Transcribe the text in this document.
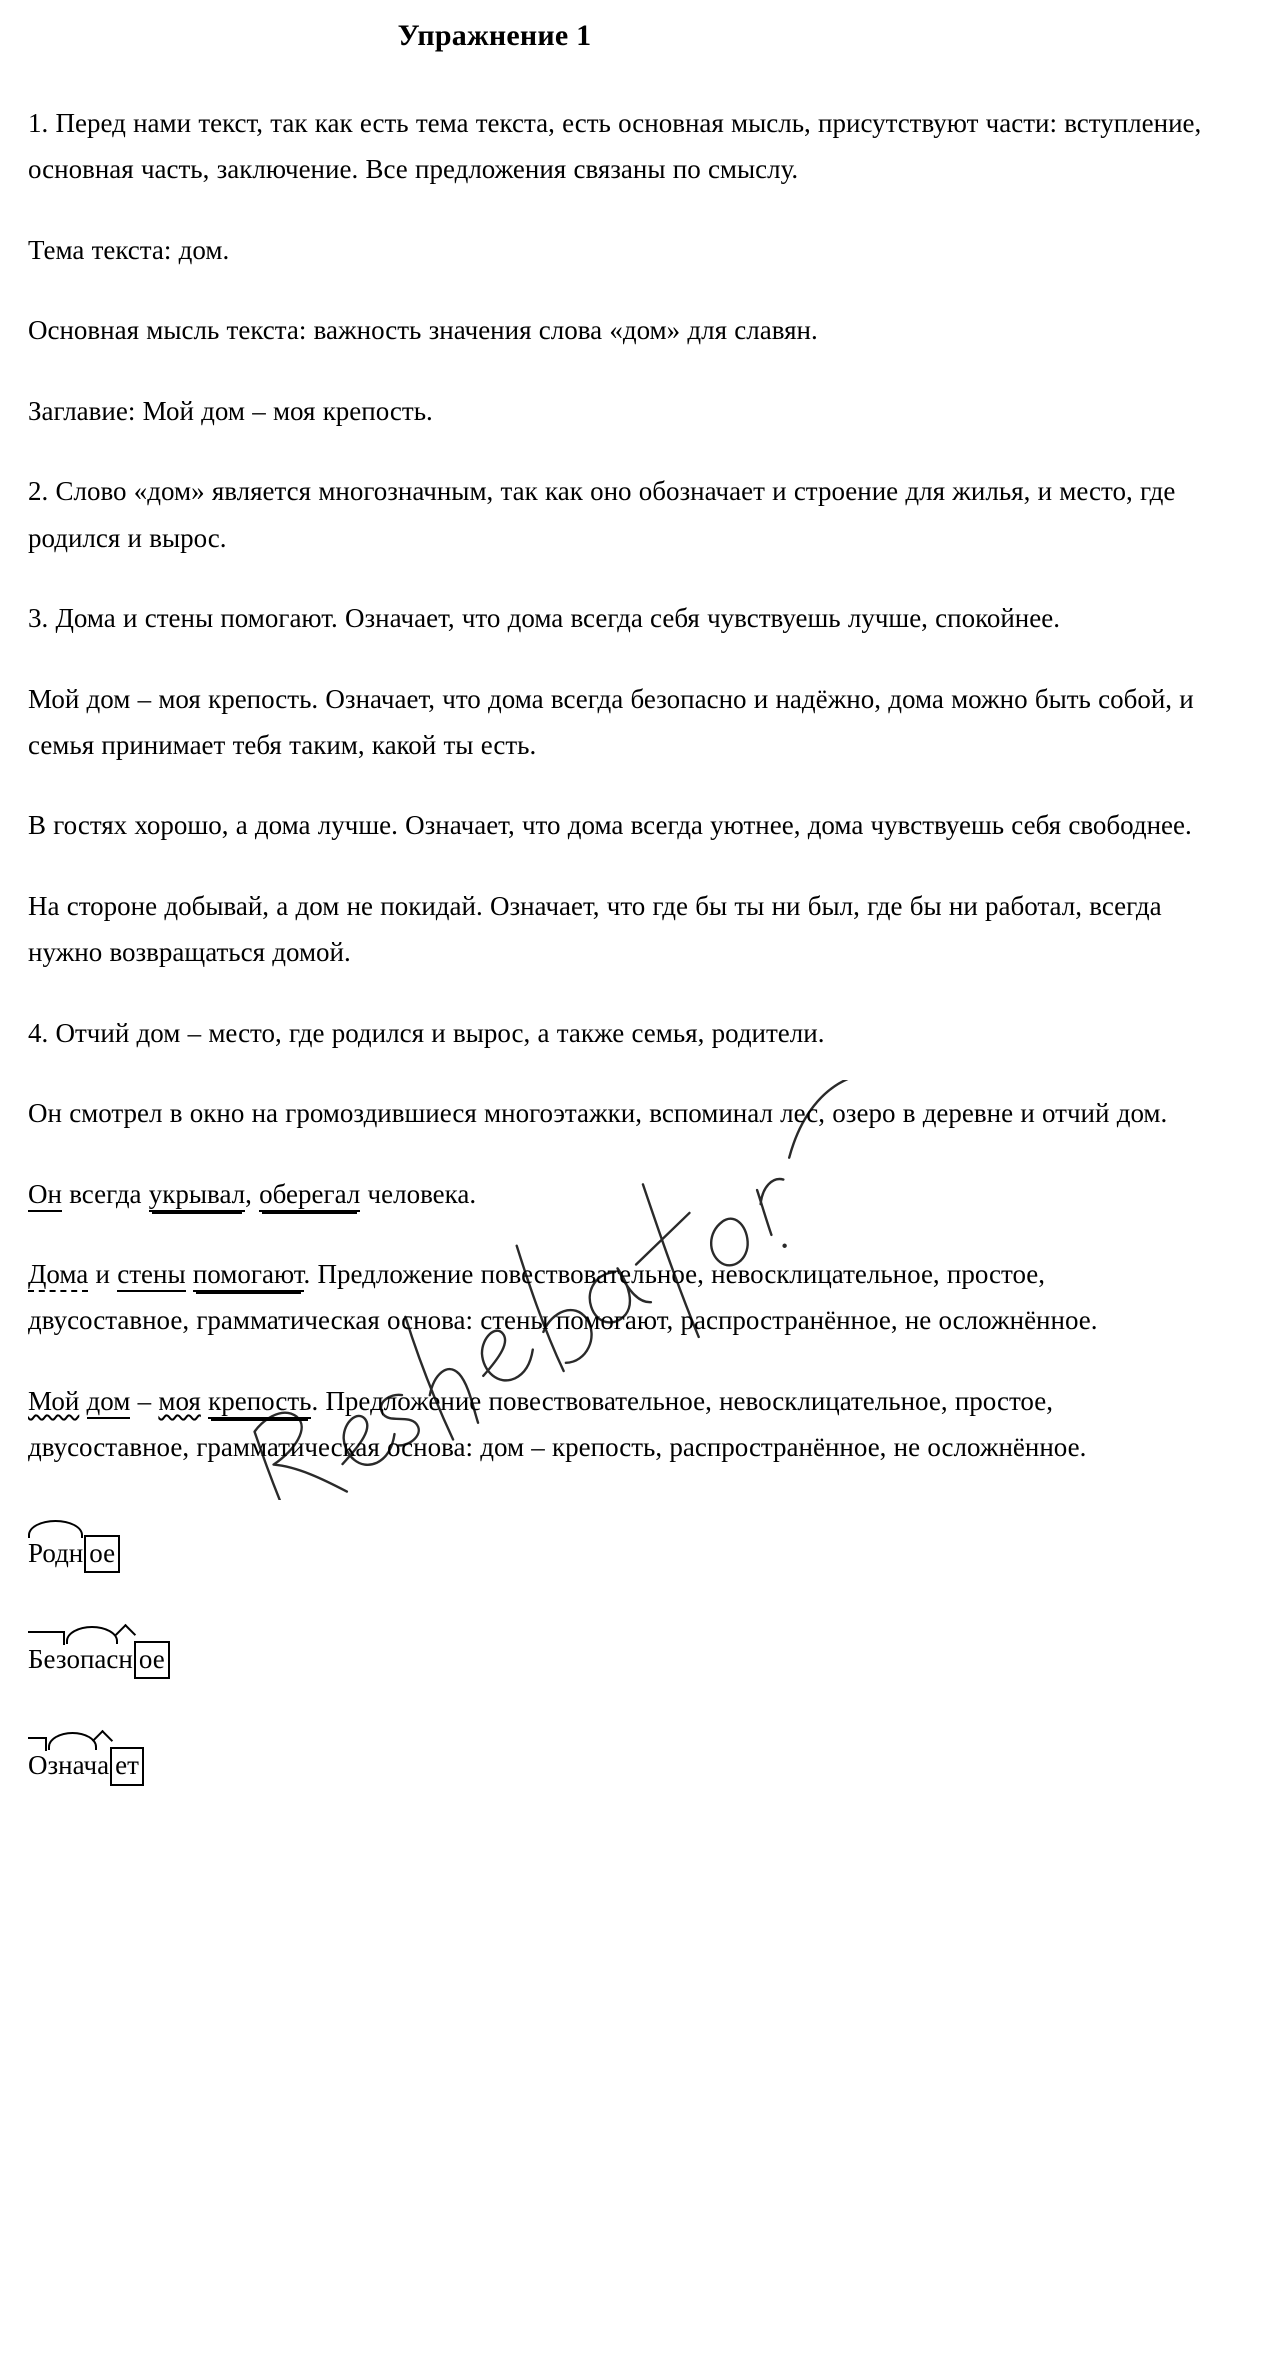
Упражнение 1

1. Перед нами текст, так как есть тема текста, есть основная мысль, присутствуют части: вступление, основная часть, заключение. Все предложения связаны по смыслу.

Тема текста: дом.

Основная мысль текста: важность значения слова «дом» для славян.

Заглавие: Мой дом – моя крепость.

2. Слово «дом» является многозначным, так как оно обозначает и строение для жилья, и место, где родился и вырос.

3. Дома и стены помогают. Означает, что дома всегда себя чувствуешь лучше, спокойнее.

Мой дом – моя крепость. Означает, что дома всегда безопасно и надёжно, дома можно быть собой, и семья принимает тебя таким, какой ты есть.

В гостях хорошо, а дома лучше. Означает, что дома всегда уютнее, дома чувствуешь себя свободнее.

На стороне добывай, а дом не покидай. Означает, что где бы ты ни был, где бы ни работал, всегда нужно возвращаться домой.

4. Отчий дом – место, где родился и вырос, а также семья, родители.

Он смотрел в окно на громоздившиеся многоэтажки, вспоминал лес, озеро в деревне и отчий дом.

Он всегда укрывал, оберегал человека.

Дома и стены помогают. Предложение повествовательное, невосклицательное, простое, двусоставное, грамматическая основа: стены помогают, распространённое, не осложнённое.

Мой дом – моя крепость. Предложение повествовательное, невосклицательное, простое, двусоставное, грамматическая основа: дом – крепость, распространённое, не осложнённое.

Родн ое
Безопасн ое
Означа ет
